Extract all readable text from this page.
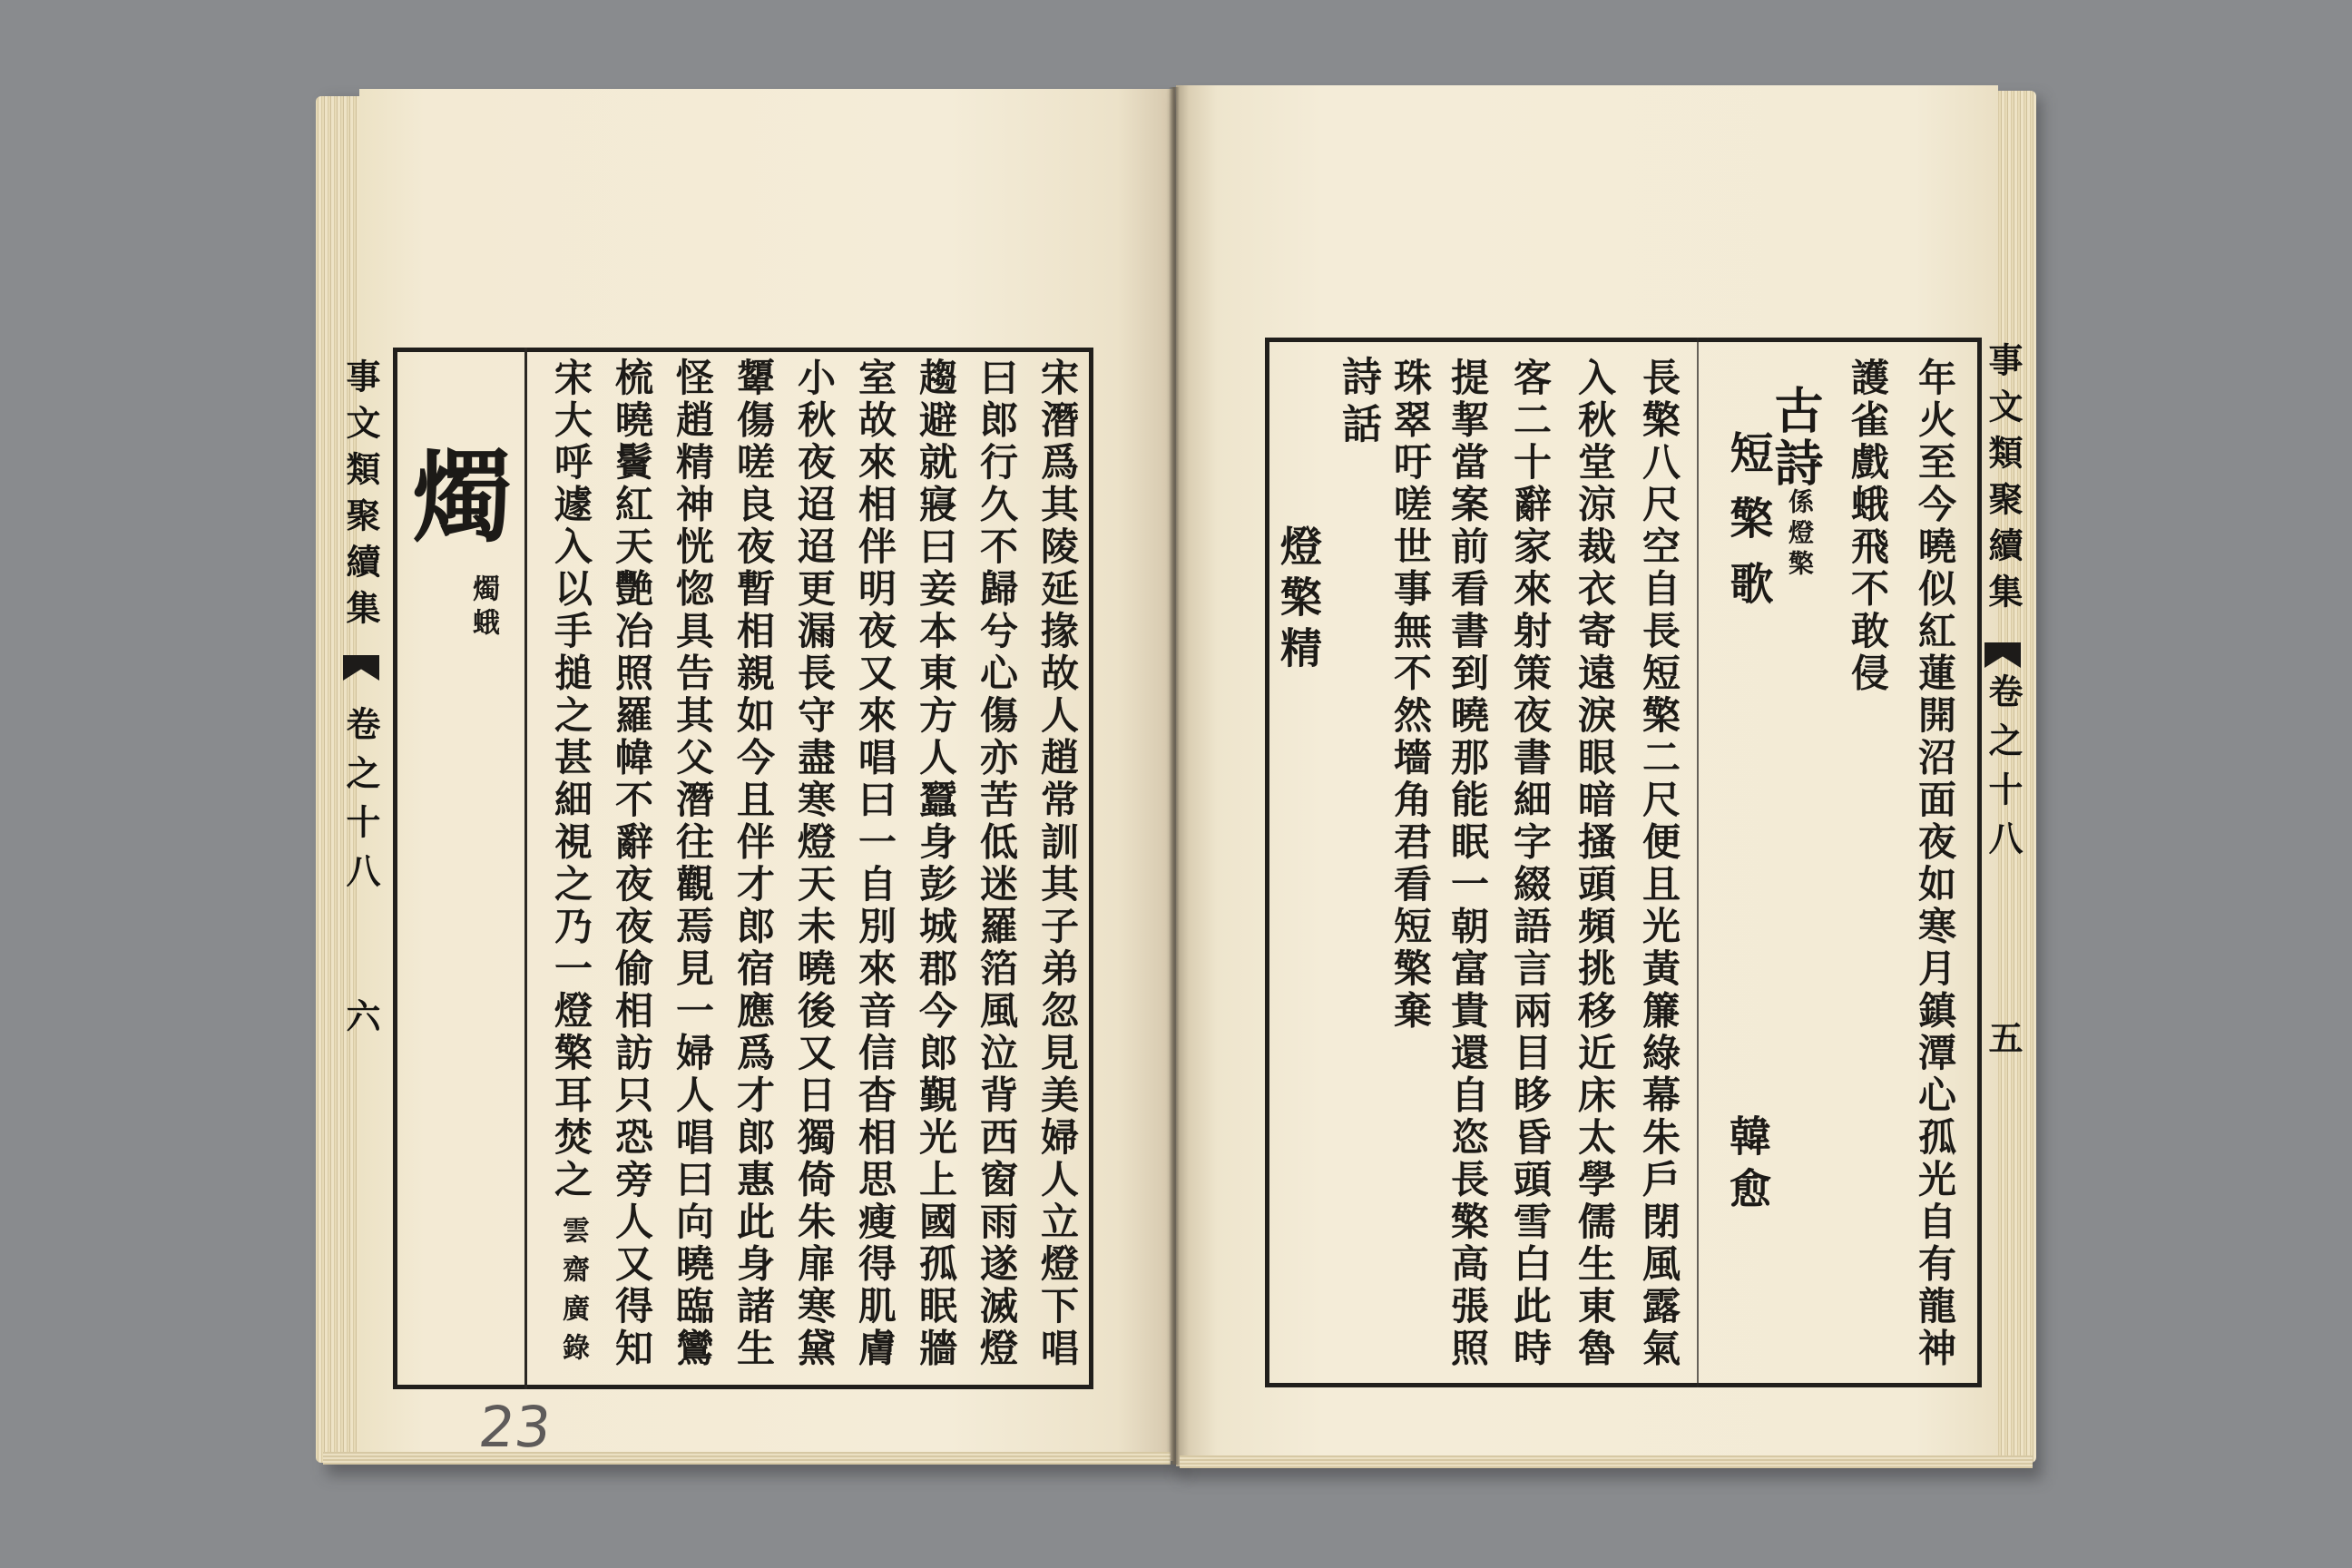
事文類聚續集
卷之十八
六
燭
燭蛾	宋潛爲其陵延掾故人趙常訓其子弟忽見美婦人立燈下唱
曰郎行久不歸兮心傷亦苦低迷羅箔風泣背西窗雨遂滅燈
趨避就寢曰妾本東方人蠶身彭城郡今郎覲光上國孤眠牆
室故來相伴明夜又來唱曰一自別來音信杳相思瘦得肌膚
小秋夜迢迢更漏長守盡寒燈天未曉後又日獨倚朱扉寒黛
顰傷嗟良夜暫相親如今且伴才郎宿應爲才郎惠此身諸生
怪趙精神恍惚具告其父潛往觀焉見一婦人唱曰向曉臨鸞
梳曉鬢紅天艷冶照羅幃不辭夜夜偷相訪只恐旁人又得知
宋大呼遽入以手搥之甚細視之乃一燈檠耳焚之
雲齋廣錄
23
事文類聚續集
卷之十八
五
年火至今曉似紅蓮開沼面夜如寒月鎮潭心孤光自有龍神
護雀戲蛾飛不敢侵
古詩
係燈檠
短檠歌
韓愈
長檠八尺空自長短檠二尺便且光黃簾綠幕朱戶閉風露氣
入秋堂涼裁衣寄遠淚眼暗搔頭頻挑移近床太學儒生東魯
客二十辭家來射策夜書細字綴語言兩目眵昏頭雪白此時
提挈當案前看書到曉那能眠一朝富貴還自恣長檠高張照
珠翠吁嗟世事無不然墻角君看短檠棄
詩話
燈檠精
